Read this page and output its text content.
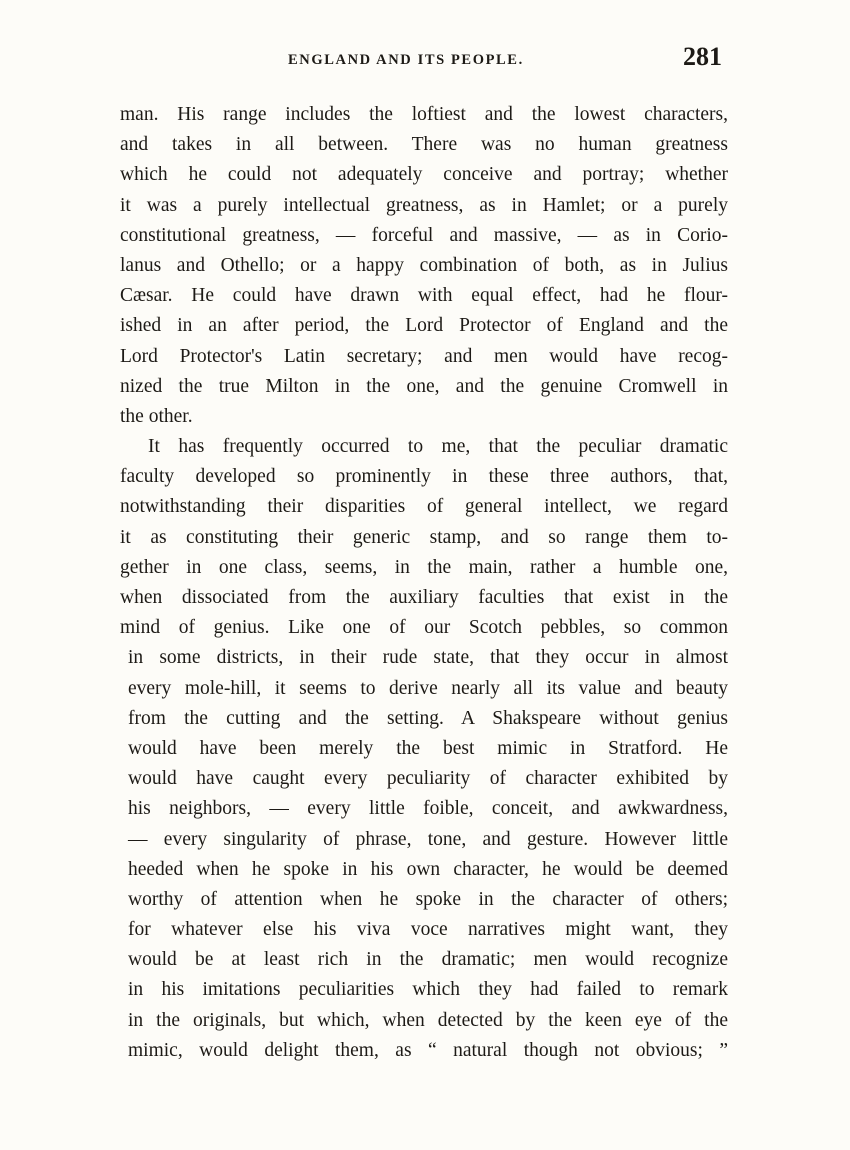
ENGLAND AND ITS PEOPLE.	281
man. His range includes the loftiest and the lowest characters,
and takes in all between. There was no human greatness
which he could not adequately conceive and portray; whether
it was a purely intellectual greatness, as in Hamlet; or a purely
constitutional greatness, — forceful and massive, — as in Corio-
lanus and Othello; or a happy combination of both, as in Julius
Cæsar. He could have drawn with equal effect, had he flour-
ished in an after period, the Lord Protector of England and the
Lord Protector's Latin secretary; and men would have recog-
nized the true Milton in the one, and the genuine Cromwell in
the other.
It has frequently occurred to me, that the peculiar dramatic
faculty developed so prominently in these three authors, that,
notwithstanding their disparities of general intellect, we regard
it as constituting their generic stamp, and so range them to-
gether in one class, seems, in the main, rather a humble one,
when dissociated from the auxiliary faculties that exist in the
mind of genius. Like one of our Scotch pebbles, so common
in some districts, in their rude state, that they occur in almost
every mole-hill, it seems to derive nearly all its value and beauty
from the cutting and the setting. A Shakspeare without genius
would have been merely the best mimic in Stratford. He
would have caught every peculiarity of character exhibited by
his neighbors, — every little foible, conceit, and awkwardness,
— every singularity of phrase, tone, and gesture. However little
heeded when he spoke in his own character, he would be deemed
worthy of attention when he spoke in the character of others;
for whatever else his viva voce narratives might want, they
would be at least rich in the dramatic; men would recognize
in his imitations peculiarities which they had failed to remark
in the originals, but which, when detected by the keen eye of the
mimic, would delight them, as “ natural though not obvious; ”
